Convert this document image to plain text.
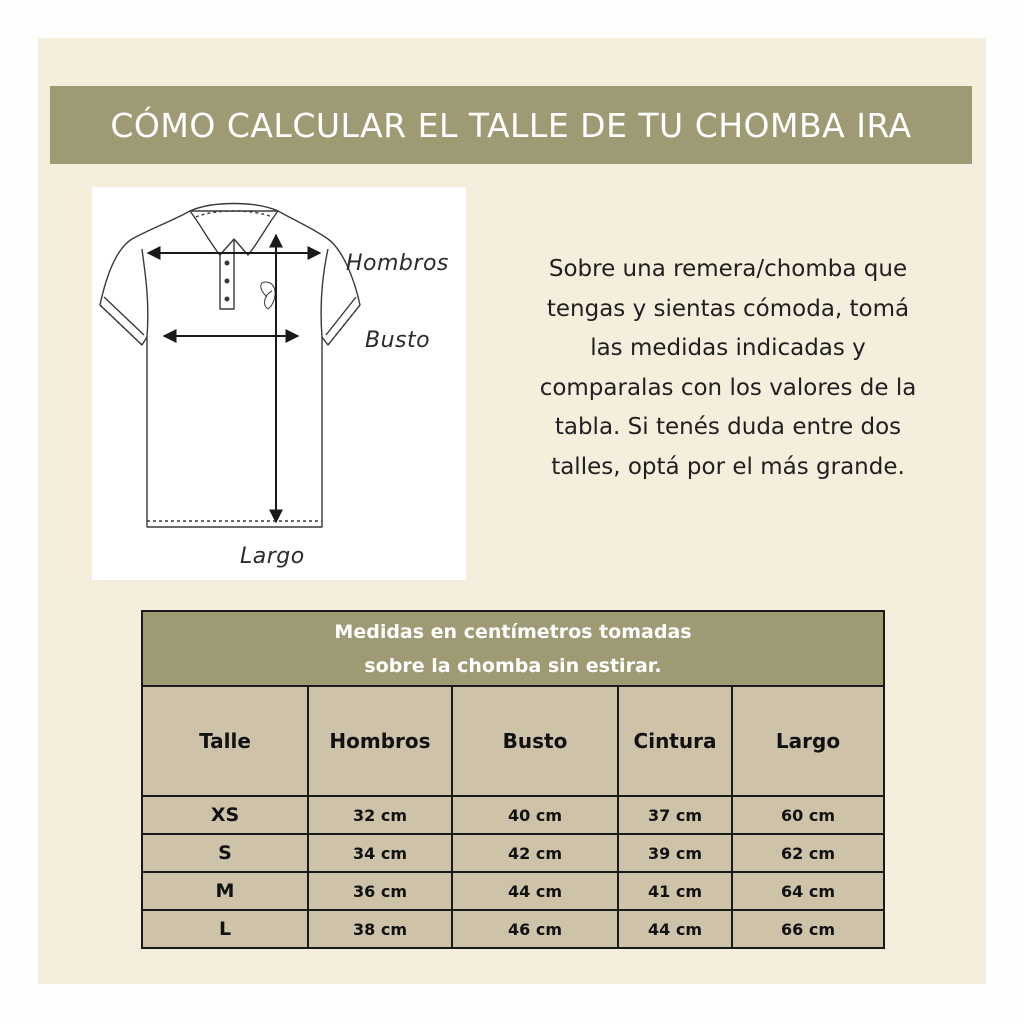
CÓMO CALCULAR EL TALLE DE TU CHOMBA IRA
Hombros
Busto
Largo
Sobre una remera/chomba que
tengas y sientas cómoda, tomá
las medidas indicadas y
comparalas con los valores de la
tabla. Si tenés duda entre dos
talles, optá por el más grande.
Medidas en centímetros tomadas
sobre la chomba sin estirar.				

Talle	Hombros	Busto	Cintura	Largo
XS	32 cm	40 cm	37 cm	60 cm
S	34 cm	42 cm	39 cm	62 cm
M	36 cm	44 cm	41 cm	64 cm
L	38 cm	46 cm	44 cm	66 cm
